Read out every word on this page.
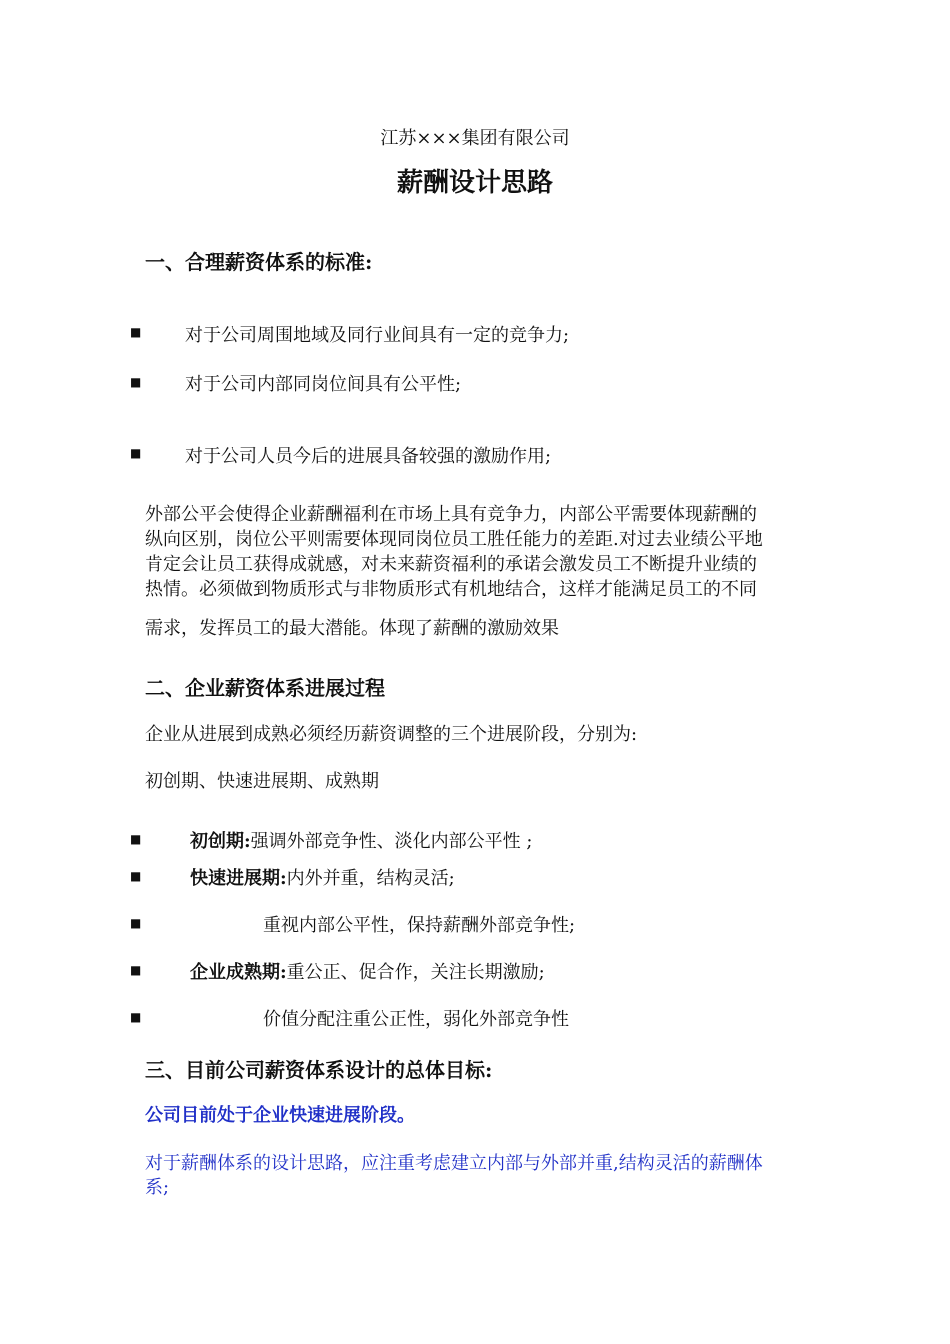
江苏×××集团有限公司
薪酬设计思路
一、合理薪资体系的标准:
■ 对于公司周围地域及同行业间具有一定的竞争力;
■ 对于公司内部同岗位间具有公平性;
■ 对于公司人员今后的进展具备较强的激励作用;
外部公平会使得企业薪酬福利在市场上具有竞争力，内部公平需要体现薪酬的
纵向区别，岗位公平则需要体现同岗位员工胜任能力的差距.对过去业绩公平地
肯定会让员工获得成就感，对未来薪资福利的承诺会激发员工不断提升业绩的
热情。必须做到物质形式与非物质形式有机地结合，这样才能满足员工的不同
需求，发挥员工的最大潜能。体现了薪酬的激励效果
二、企业薪资体系进展过程
企业从进展到成熟必须经历薪资调整的三个进展阶段，分别为:
初创期、快速进展期、成熟期
■	初创期:强调外部竞争性、淡化内部公平性 ;
■	快速进展期:内外并重，结构灵活;
■	重视内部公平性，保持薪酬外部竞争性;
■	企业成熟期:重公正、促合作，关注长期激励;
■	价值分配注重公正性，弱化外部竞争性
三、目前公司薪资体系设计的总体目标:
公司目前处于企业快速进展阶段。
对于薪酬体系的设计思路，应注重考虑建立内部与外部并重,结构灵活的薪酬体
系;
